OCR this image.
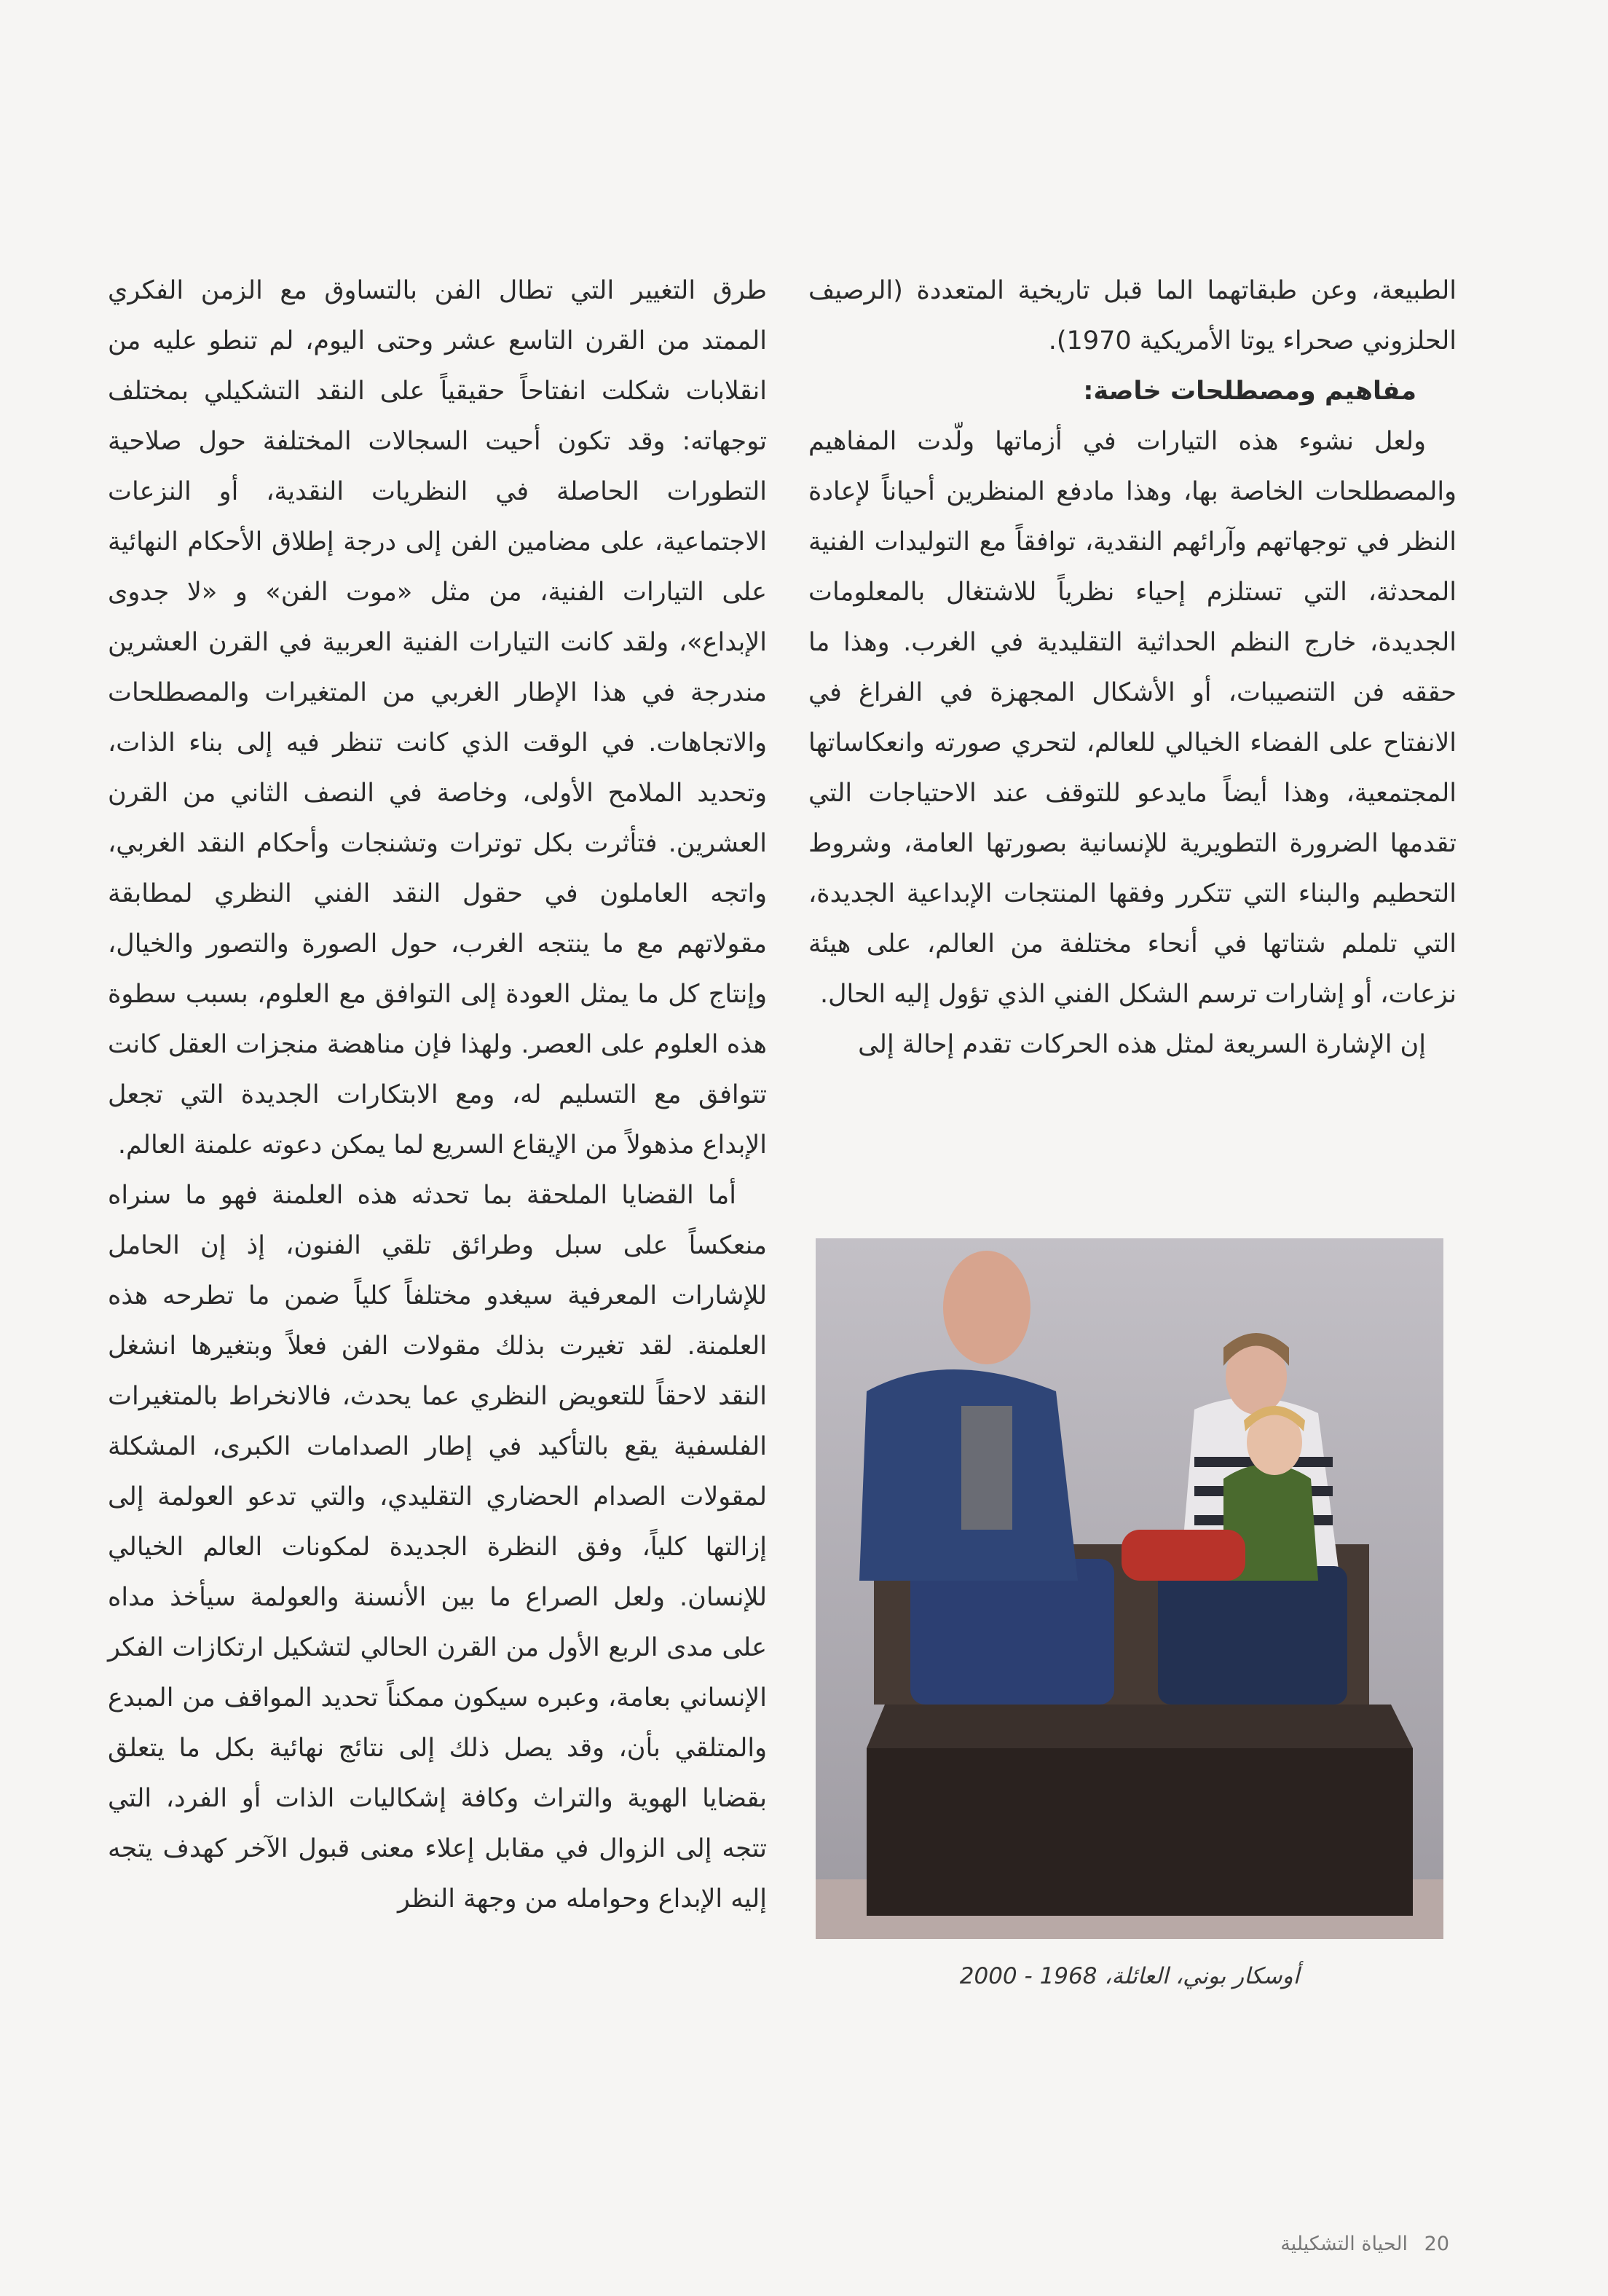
الطبيعة، وعن طبقاتهما الما قبل تاريخية المتعددة (الرصيف الحلزوني صحراء يوتا الأمريكية 1970).

مفاهيم ومصطلحات خاصة:

ولعل نشوء هذه التيارات في أزماتها ولّدت المفاهيم والمصطلحات الخاصة بها، وهذا مادفع المنظرين أحياناً لإعادة النظر في توجهاتهم وآرائهم النقدية، توافقاً مع التوليدات الفنية المحدثة، التي تستلزم إحياء نظرياً للاشتغال بالمعلومات الجديدة، خارج النظم الحداثية التقليدية في الغرب. وهذا ما حققه فن التنصيبات، أو الأشكال المجهزة في الفراغ في الانفتاح على الفضاء الخيالي للعالم، لتحري صورته وانعكاساتها المجتمعية، وهذا أيضاً مايدعو للتوقف عند الاحتياجات التي تقدمها الضرورة التطويرية للإنسانية بصورتها العامة، وشروط التحطيم والبناء التي تتكرر وفقها المنتجات الإبداعية الجديدة، التي تلملم شتاتها في أنحاء مختلفة من العالم، على هيئة نزعات، أو إشارات ترسم الشكل الفني الذي تؤول إليه الحال.

إن الإشارة السريعة لمثل هذه الحركات تقدم إحالة إلى

طرق التغيير التي تطال الفن بالتساوق مع الزمن الفكري الممتد من القرن التاسع عشر وحتى اليوم، لم تنطو عليه من انقلابات شكلت انفتاحاً حقيقياً على النقد التشكيلي بمختلف توجهاته: وقد تكون أحيت السجالات المختلفة حول صلاحية التطورات الحاصلة في النظريات النقدية، أو النزعات الاجتماعية، على مضامين الفن إلى درجة إطلاق الأحكام النهائية على التيارات الفنية، من مثل «موت الفن» و «لا جدوى الإبداع»، ولقد كانت التيارات الفنية العربية في القرن العشرين مندرجة في هذا الإطار الغربي من المتغيرات والمصطلحات والاتجاهات. في الوقت الذي كانت تنظر فيه إلى بناء الذات، وتحديد الملامح الأولى، وخاصة في النصف الثاني من القرن العشرين. فتأثرت بكل توترات وتشنجات وأحكام النقد الغربي، واتجه العاملون في حقول النقد الفني النظري لمطابقة مقولاتهم مع ما ينتجه الغرب، حول الصورة والتصور والخيال، وإنتاج كل ما يمثل العودة إلى التوافق مع العلوم، بسبب سطوة هذه العلوم على العصر. ولهذا فإن مناهضة منجزات العقل كانت تتوافق مع التسليم له، ومع الابتكارات الجديدة التي تجعل الإبداع مذهولاً من الإيقاع السريع لما يمكن دعوته علمنة العالم.

أما القضايا الملحقة بما تحدثه هذه العلمنة فهو ما سنراه منعكساً على سبل وطرائق تلقي الفنون، إذ إن الحامل للإشارات المعرفية سيغدو مختلفاً كلياً ضمن ما تطرحه هذه العلمنة. لقد تغيرت بذلك مقولات الفن فعلاً وبتغيرها انشغل النقد لاحقاً للتعويض النظري عما يحدث، فالانخراط بالمتغيرات الفلسفية يقع بالتأكيد في إطار الصدامات الكبرى، المشكلة لمقولات الصدام الحضاري التقليدي، والتي تدعو العولمة إلى إزالتها كلياً، وفق النظرة الجديدة لمكونات العالم الخيالي للإنسان. ولعل الصراع ما بين الأنسنة والعولمة سيأخذ مداه على مدى الربع الأول من القرن الحالي لتشكيل ارتكازات الفكر الإنساني بعامة، وعبره سيكون ممكناً تحديد المواقف من المبدع والمتلقي بأن، وقد يصل ذلك إلى نتائج نهائية بكل ما يتعلق بقضايا الهوية والتراث وكافة إشكاليات الذات أو الفرد، التي تتجه إلى الزوال في مقابل إعلاء معنى قبول الآخر كهدف يتجه إليه الإبداع وحوامله من وجهة النظر

أوسكار بوني، العائلة، 1968 - 2000
20 الحياة التشكيلية
